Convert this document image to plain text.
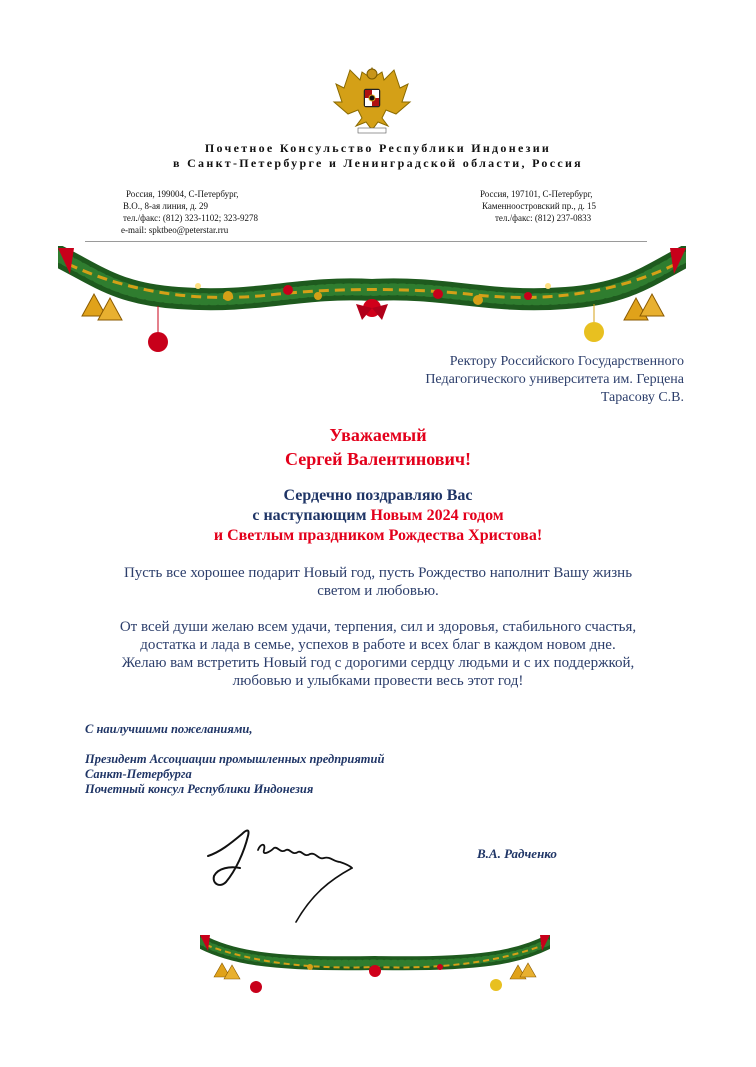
Почетное Консульство Республики Индонезии
в Санкт-Петербурге и Ленинградской области, Россия
Россия, 199004, С-Петербург,
В.О., 8-ая линия, д. 29
тел./факс: (812) 323-1102; 323-9278
e-mail: spktbeo@peterstar.rru
Россия, 197101, С-Петербург,
Каменноостровский пр., д. 15
тел./факс: (812) 237-0833
Ректору Российского Государственного
Педагогического университета им. Герцена
Тарасову С.В.
Уважаемый
Сергей Валентинович!
Сердечно поздравляю Вас
с наступающим Новым 2024 годом
и Светлым праздником Рождества Христова!
Пусть все хорошее подарит Новый год, пусть Рождество наполнит Вашу жизнь
светом и любовью.
От всей души желаю всем удачи, терпения, сил и здоровья, стабильного счастья,
достатка и лада в семье, успехов в работе и всех благ в каждом новом дне.
Желаю вам встретить Новый год с дорогими сердцу людьми и с их поддержкой,
любовью и улыбками провести весь этот год!
С наилучшими пожеланиями,
Президент Ассоциации промышленных предприятий
Санкт-Петербурга
Почетный консул Республики Индонезия
В.А. Радченко
